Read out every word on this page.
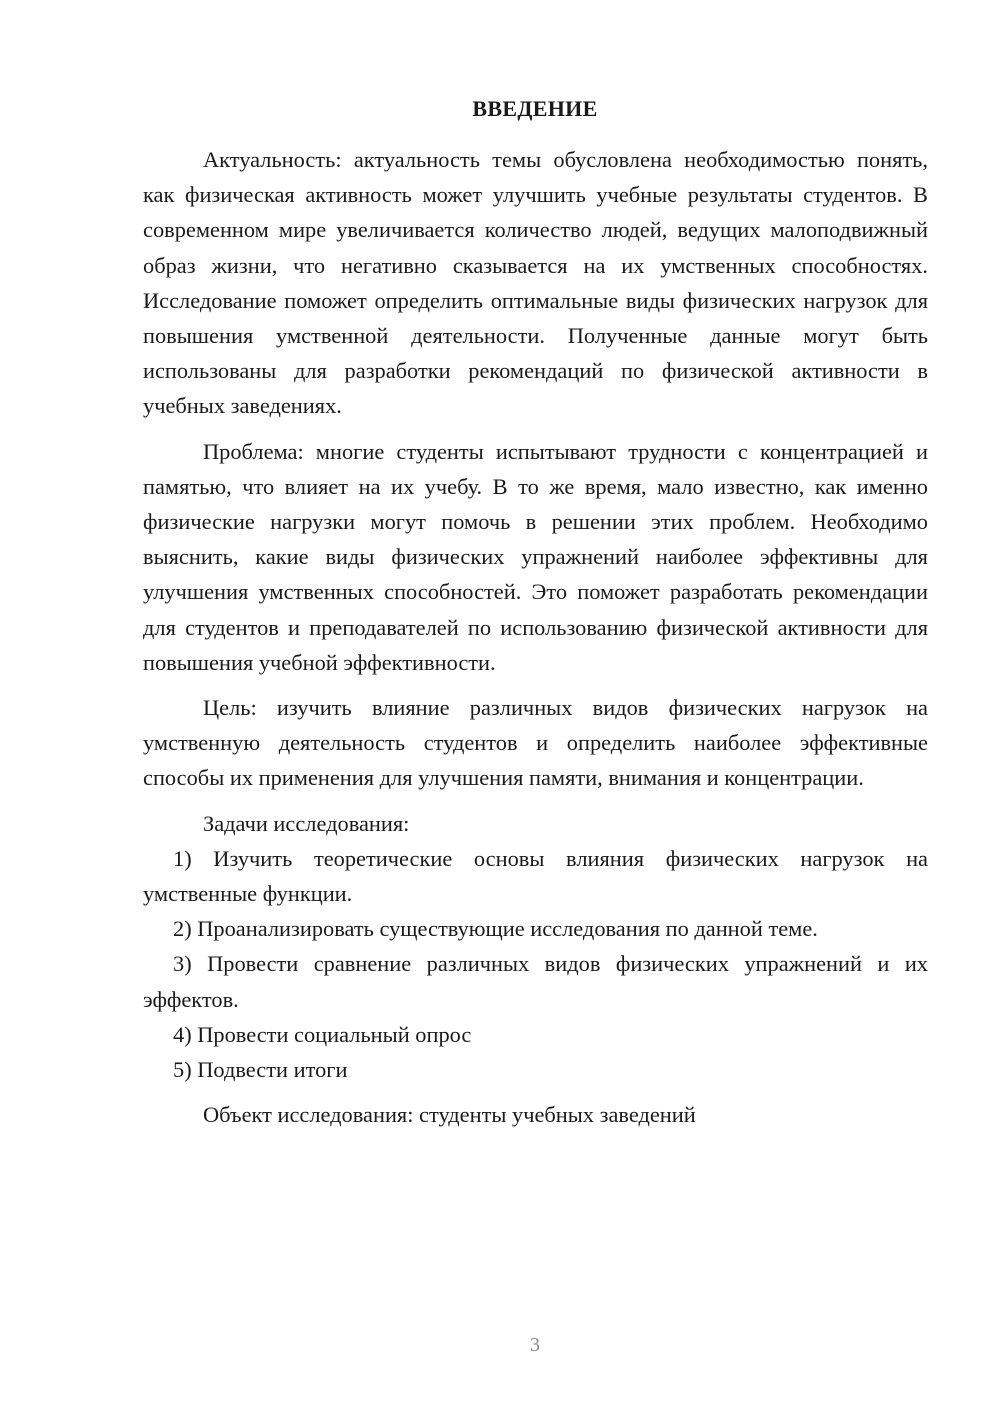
ВВЕДЕНИЕ

Актуальность: актуальность темы обусловлена необходимостью понять, как физическая активность может улучшить учебные результаты студентов. В современном мире увеличивается количество людей, ведущих малоподвижный образ жизни, что негативно сказывается на их умственных способностях. Исследование поможет определить оптимальные виды физических нагрузок для повышения умственной деятельности. Полученные данные могут быть использованы для разработки рекомендаций по физической активности в учебных заведениях.

Проблема: многие студенты испытывают трудности с концентрацией и памятью, что влияет на их учебу. В то же время, мало известно, как именно физические нагрузки могут помочь в решении этих проблем. Необходимо выяснить, какие виды физических упражнений наиболее эффективны для улучшения умственных способностей. Это поможет разработать рекомендации для студентов и преподавателей по использованию физической активности для повышения учебной эффективности.

Цель: изучить влияние различных видов физических нагрузок на умственную деятельность студентов и определить наиболее эффективные способы их применения для улучшения памяти, внимания и концентрации.

Задачи исследования:

1) Изучить теоретические основы влияния физических нагрузок на умственные функции.

2) Проанализировать существующие исследования по данной теме.

3) Провести сравнение различных видов физических упражнений и их эффектов.

4) Провести социальный опрос

5) Подвести итоги

Объект исследования: студенты учебных заведений

3
